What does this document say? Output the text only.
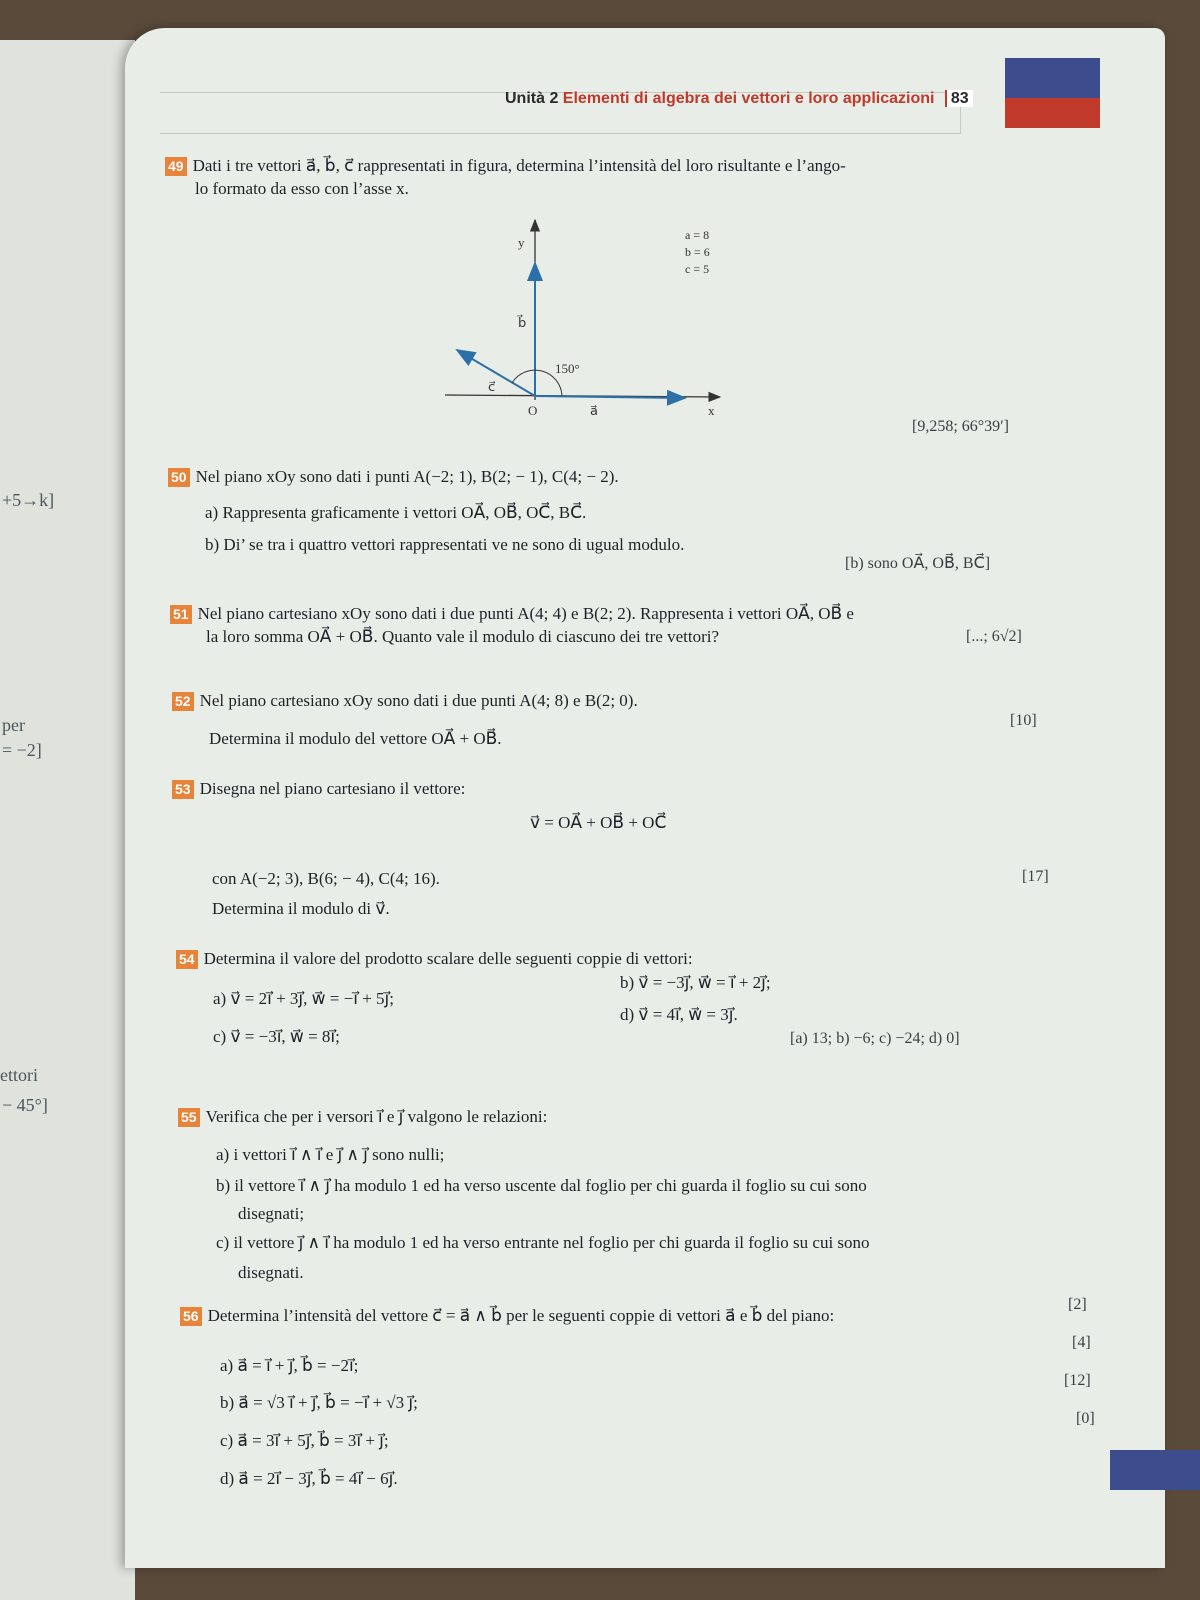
+5→k]
per
= −2]
ettori
− 45°]
Unità 2 Elementi di algebra dei vettori e loro applicazioni 83
49 Dati i tre vettori a⃗, b⃗, c⃗ rappresentati in figura, determina l’intensità del loro risultante e l’ango-
lo formato da esso con l’asse x.
y
x
O	a⃗
b⃗
c⃗
150°
a = 8
b = 6
c = 5
[9,258; 66°39′]
50 Nel piano xOy sono dati i punti A(−2; 1), B(2; − 1), C(4; − 2).
a) Rappresenta graficamente i vettori OA⃗, OB⃗, OC⃗, BC⃗.
b) Di’ se tra i quattro vettori rappresentati ve ne sono di ugual modulo.
[b) sono OA⃗, OB⃗, BC⃗]
51 Nel piano cartesiano xOy sono dati i due punti A(4; 4) e B(2; 2). Rappresenta i vettori OA⃗, OB⃗ e
la loro somma OA⃗ + OB⃗. Quanto vale il modulo di ciascuno dei tre vettori?	[...; 6√2]
52 Nel piano cartesiano xOy sono dati i due punti A(4; 8) e B(2; 0).
Determina il modulo del vettore OA⃗ + OB⃗.
[10]
53 Disegna nel piano cartesiano il vettore:
v⃗ = OA⃗ + OB⃗ + OC⃗
con A(−2; 3), B(6; − 4), C(4; 16).
Determina il modulo di v⃗.
[17]
54 Determina il valore del prodotto scalare delle seguenti coppie di vettori:
a) v⃗ = 2i⃗ + 3j⃗, w⃗ = −i⃗ + 5j⃗;
b) v⃗ = −3j⃗, w⃗ = i⃗ + 2j⃗;
c) v⃗ = −3i⃗, w⃗ = 8i⃗;
d) v⃗ = 4i⃗, w⃗ = 3j⃗.
[a) 13; b) −6; c) −24; d) 0]
55 Verifica che per i versori i⃗ e j⃗ valgono le relazioni:
a) i vettori i⃗ ∧ i⃗ e j⃗ ∧ j⃗ sono nulli;
b) il vettore i⃗ ∧ j⃗ ha modulo 1 ed ha verso uscente dal foglio per chi guarda il foglio su cui sono
disegnati;
c) il vettore j⃗ ∧ i⃗ ha modulo 1 ed ha verso entrante nel foglio per chi guarda il foglio su cui sono
disegnati.
56 Determina l’intensità del vettore c⃗ = a⃗ ∧ b⃗ per le seguenti coppie di vettori a⃗ e b⃗ del piano:
a) a⃗ = i⃗ + j⃗, b⃗ = −2i⃗;
b) a⃗ = √3 i⃗ + j⃗, b⃗ = −i⃗ + √3 j⃗;
c) a⃗ = 3i⃗ + 5j⃗, b⃗ = 3i⃗ + j⃗;
d) a⃗ = 2i⃗ − 3j⃗, b⃗ = 4i⃗ − 6j⃗.
[2]
[4]
[12]
[0]
